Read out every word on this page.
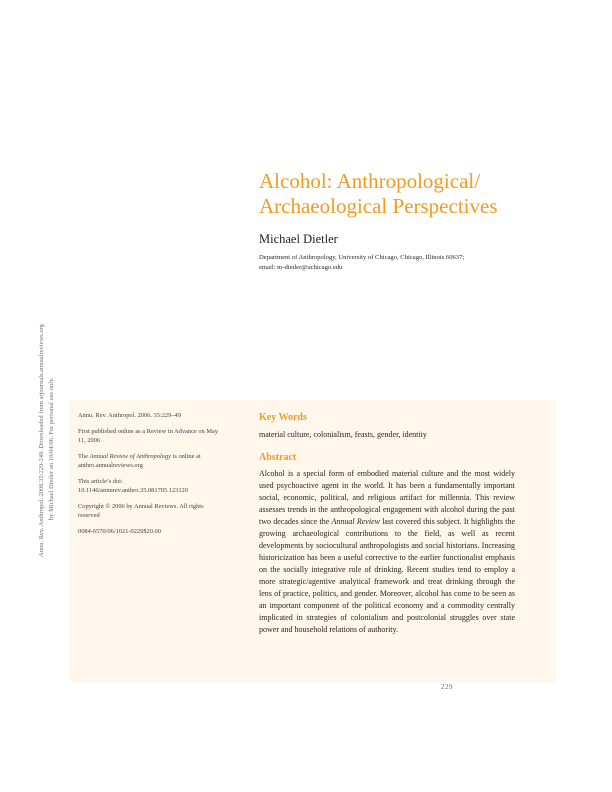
Annu. Rev. Anthropol. 2006.35:229-249. Downloaded from arjournals.annualreviews.org by Michael Dietler on 10/04/06. For personal use only.
Alcohol: Anthropological/ Archaeological Perspectives
Michael Dietler
Department of Anthropology, University of Chicago, Chicago, Illinois 60637;
email: m-dietler@uchicago.edu

Annu. Rev. Anthropol. 2006. 35:229–49

First published online as a Review in Advance on May 11, 2006

The Annual Review of Anthropology is online at anthro.annualreviews.org

This article’s doi:
10.1146/annurev.anthro.35.081705.123120

Copyright © 2006 by Annual Reviews. All rights reserved

0084-6570/06/1021-0229$20.00

Key Words

material culture, colonialism, feasts, gender, identity

Abstract

Alcohol is a special form of embodied material culture and the most widely used psychoactive agent in the world. It has been a fundamentally important social, economic, political, and religious artifact for millennia. This review assesses trends in the anthropological engagement with alcohol during the past two decades since the Annual Review last covered this subject. It highlights the growing archaeological contributions to the field, as well as recent developments by sociocultural anthropologists and social historians. Increasing historicization has been a useful corrective to the earlier functionalist emphasis on the socially integrative role of drinking. Recent studies tend to employ a more strategic/agentive analytical framework and treat drinking through the lens of practice, politics, and gender. Moreover, alcohol has come to be seen as an important component of the political economy and a commodity centrally implicated in strategies of colonialism and postcolonial struggles over state power and household relations of authority.

229
